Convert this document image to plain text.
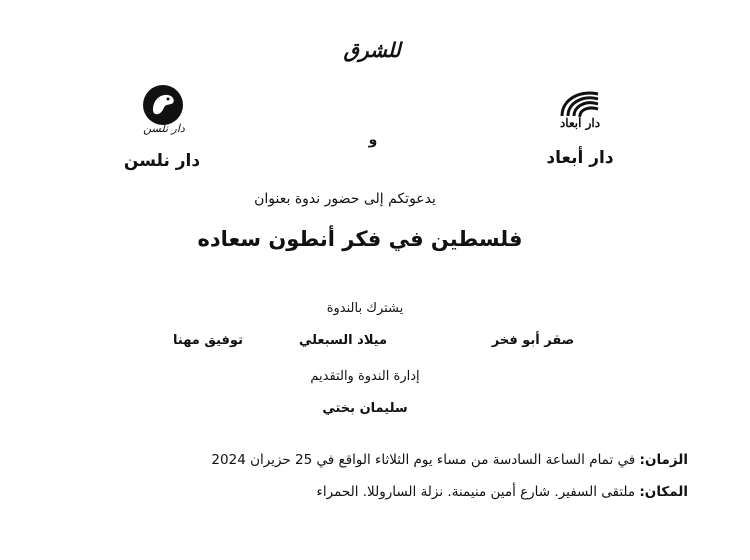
للشرق
دار نلسن
دار نلسن
و
دار أبعاد
دار أبعاد
يدعوتكم إلى حضور ندوة بعنوان
فلسطين في فكر أنطون سعاده
يشترك بالندوة
صقر أبو فخر
ميلاد السبعلي
توفيق مهنا
إدارة الندوة والتقديم
سليمان بختي
الزمان: في تمام الساعة السادسة من مساء يوم الثلاثاء الواقع في 25 حزيران 2024
المكان: ملتقى السفير. شارع أمين منيمنة. نزلة الساروللا. الحمراء
